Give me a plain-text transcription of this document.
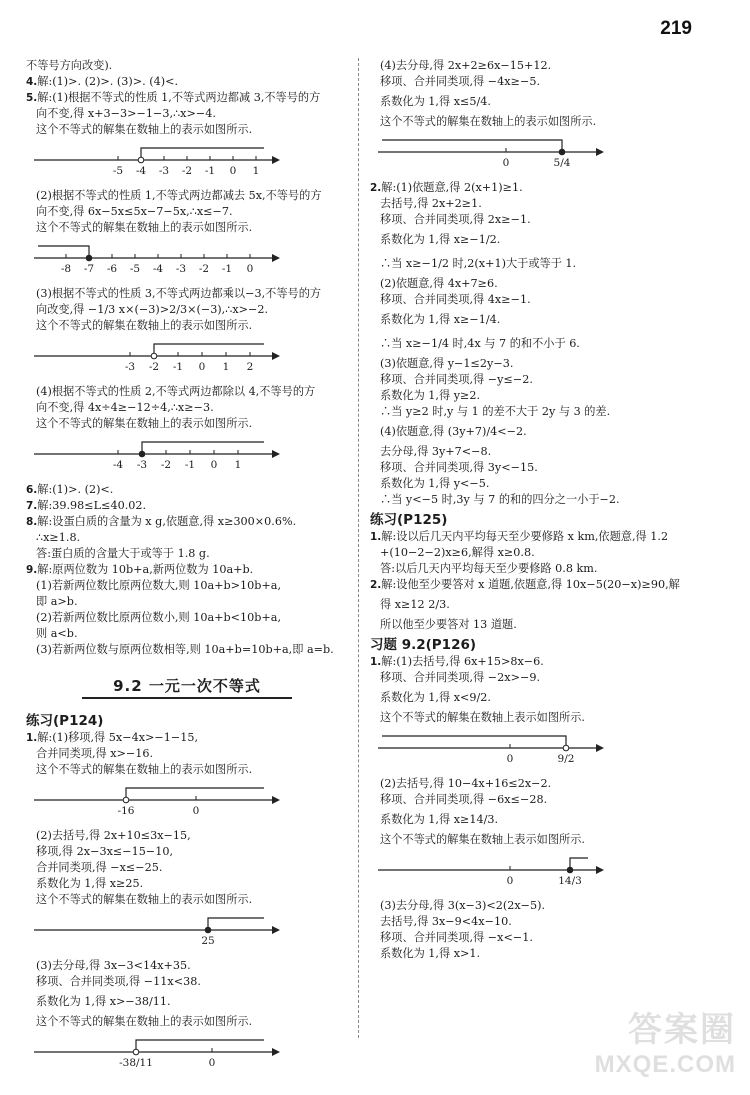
219
不等号方向改变).
4.解:(1)>. (2)>. (3)>. (4)<.
5.解:(1)根据不等式的性质 1,不等式两边都减 3,不等号的方
向不变,得 x+3−3>−1−3,∴x>−4.
这个不等式的解集在数轴上的表示如图所示.
-5 -4 -3 -2 -1 0 1
(2)根据不等式的性质 1,不等式两边都减去 5x,不等号的方
向不变,得 6x−5x≤5x−7−5x,∴x≤−7.
这个不等式的解集在数轴上的表示如图所示.
-8 -7 -6 -5 -4 -3 -2 -1 0
(3)根据不等式的性质 3,不等式两边都乘以−3,不等号的方
向改变,得 −1/3 x×(−3)>2/3×(−3),∴x>−2.
这个不等式的解集在数轴上的表示如图所示.
-3 -2 -1 0 1 2
(4)根据不等式的性质 2,不等式两边都除以 4,不等号的方
向不变,得 4x÷4≥−12÷4,∴x≥−3.
这个不等式的解集在数轴上的表示如图所示.
-4 -3 -2 -1 0 1
6.解:(1)>. (2)<.
7.解:39.98≤L≤40.02.
8.解:设蛋白质的含量为 x g,依题意,得 x≥300×0.6%.
∴x≥1.8.
答:蛋白质的含量大于或等于 1.8 g.
9.解:原两位数为 10b+a,新两位数为 10a+b.
(1)若新两位数比原两位数大,则 10a+b>10b+a,
即 a>b.
(2)若新两位数比原两位数小,则 10a+b<10b+a,
则 a<b.
(3)若新两位数与原两位数相等,则 10a+b=10b+a,即 a=b.
9.2 一元一次不等式
练习(P124)
1.解:(1)移项,得 5x−4x>−1−15,
合并同类项,得 x>−16.
这个不等式的解集在数轴上的表示如图所示.
-16	0
(2)去括号,得 2x+10≤3x−15,
移项,得 2x−3x≤−15−10,
合并同类项,得 −x≤−25.
系数化为 1,得 x≥25.
这个不等式的解集在数轴上的表示如图所示.
25
(3)去分母,得 3x−3<14x+35.
移项、合并同类项,得 −11x<38.
系数化为 1,得 x>−38/11.
这个不等式的解集在数轴上的表示如图所示.
-38/11	0
(4)去分母,得 2x+2≥6x−15+12.
移项、合并同类项,得 −4x≥−5.
系数化为 1,得 x≤5/4.
这个不等式的解集在数轴上的表示如图所示.
0	5/4
2.解:(1)依题意,得 2(x+1)≥1.
去括号,得 2x+2≥1.
移项、合并同类项,得 2x≥−1.
系数化为 1,得 x≥−1/2.
∴当 x≥−1/2 时,2(x+1)大于或等于 1.
(2)依题意,得 4x+7≥6.
移项、合并同类项,得 4x≥−1.
系数化为 1,得 x≥−1/4.
∴当 x≥−1/4 时,4x 与 7 的和不小于 6.
(3)依题意,得 y−1≤2y−3.
移项、合并同类项,得 −y≤−2.
系数化为 1,得 y≥2.
∴当 y≥2 时,y 与 1 的差不大于 2y 与 3 的差.
(4)依题意,得 (3y+7)/4<−2.
去分母,得 3y+7<−8.
移项、合并同类项,得 3y<−15.
系数化为 1,得 y<−5.
∴当 y<−5 时,3y 与 7 的和的四分之一小于−2.
练习(P125)
1.解:设以后几天内平均每天至少要修路 x km,依题意,得 1.2
+(10−2−2)x≥6,解得 x≥0.8.
答:以后几天内平均每天至少要修路 0.8 km.
2.解:设他至少要答对 x 道题,依题意,得 10x−5(20−x)≥90,解
得 x≥12 2/3.
所以他至少要答对 13 道题.
习题 9.2(P126)
1.解:(1)去括号,得 6x+15>8x−6.
移项、合并同类项,得 −2x>−9.
系数化为 1,得 x<9/2.
这个不等式的解集在数轴上表示如图所示.
0	9/2
(2)去括号,得 10−4x+16≤2x−2.
移项、合并同类项,得 −6x≤−28.
系数化为 1,得 x≥14/3.
这个不等式的解集在数轴上表示如图所示.
0	14/3
(3)去分母,得 3(x−3)<2(2x−5).
去括号,得 3x−9<4x−10.
移项、合并同类项,得 −x<−1.
系数化为 1,得 x>1.
答案圈
MXQE.COM
